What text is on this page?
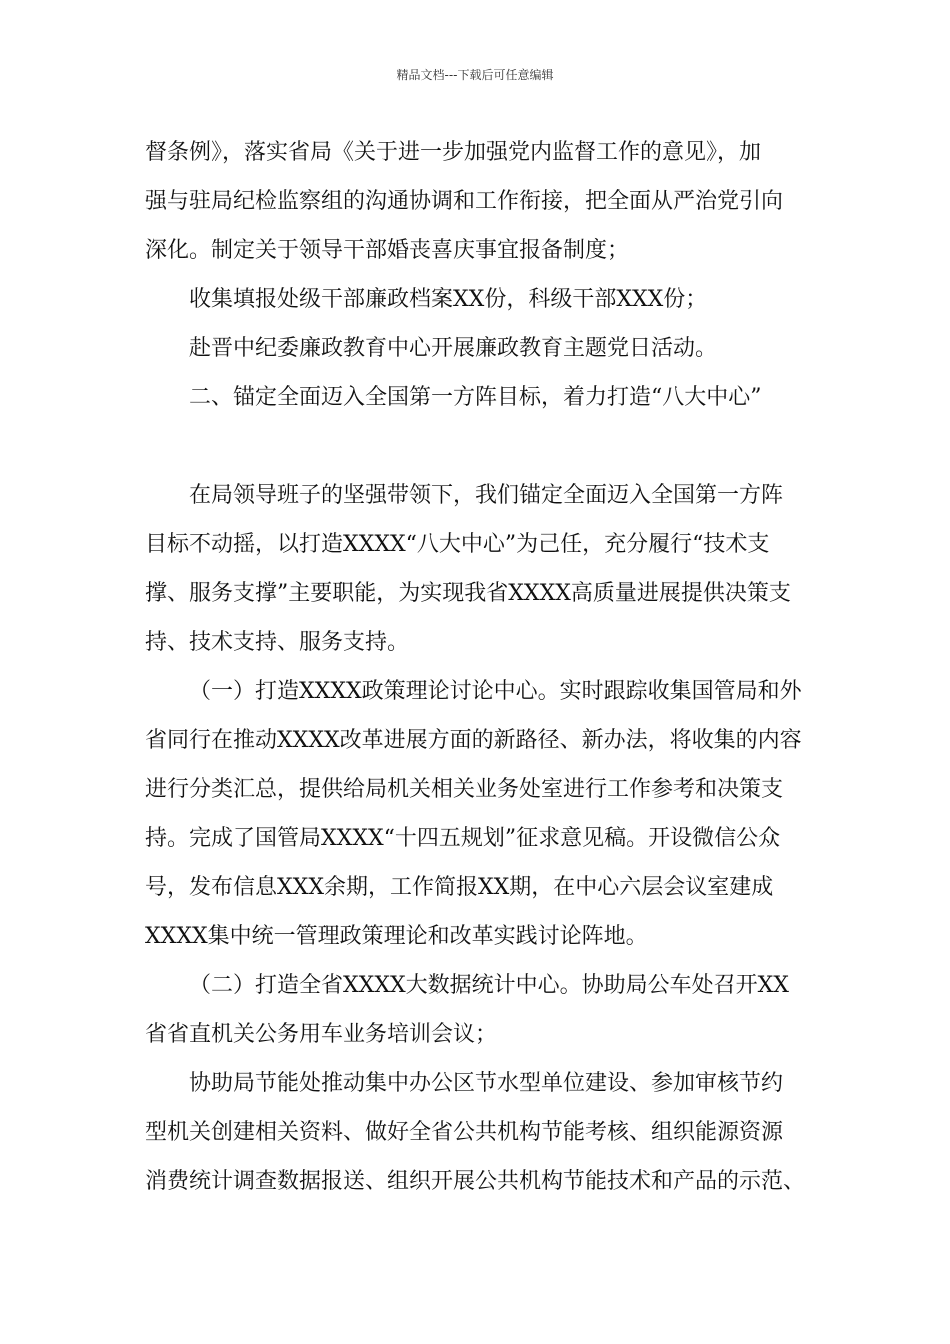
精品文档---下载后可任意编辑

督条例》，落实省局《关于进一步加强党内监督工作的意见》，加
强与驻局纪检监察组的沟通协调和工作衔接，把全面从严治党引向
深化。制定关于领导干部婚丧喜庆事宜报备制度；

收集填报处级干部廉政档案XX份，科级干部XXX份；

赴晋中纪委廉政教育中心开展廉政教育主题党日活动。

二、锚定全面迈入全国第一方阵目标，着力打造“八大中心”

在局领导班子的坚强带领下，我们锚定全面迈入全国第一方阵
目标不动摇，以打造XXXX“八大中心”为己任，充分履行“技术支
撑、服务支撑”主要职能，为实现我省XXXX高质量进展提供决策支
持、技术支持、服务支持。

（一）打造XXXX政策理论讨论中心。实时跟踪收集国管局和外
省同行在推动XXXX改革进展方面的新路径、新办法，将收集的内容
进行分类汇总，提供给局机关相关业务处室进行工作参考和决策支
持。完成了国管局XXXX“十四五规划”征求意见稿。开设微信公众
号，发布信息XXX余期，工作简报XX期，在中心六层会议室建成
XXXX集中统一管理政策理论和改革实践讨论阵地。

（二）打造全省XXXX大数据统计中心。协助局公车处召开XX
省省直机关公务用车业务培训会议；

协助局节能处推动集中办公区节水型单位建设、参加审核节约
型机关创建相关资料、做好全省公共机构节能考核、组织能源资源
消费统计调查数据报送、组织开展公共机构节能技术和产品的示范、
